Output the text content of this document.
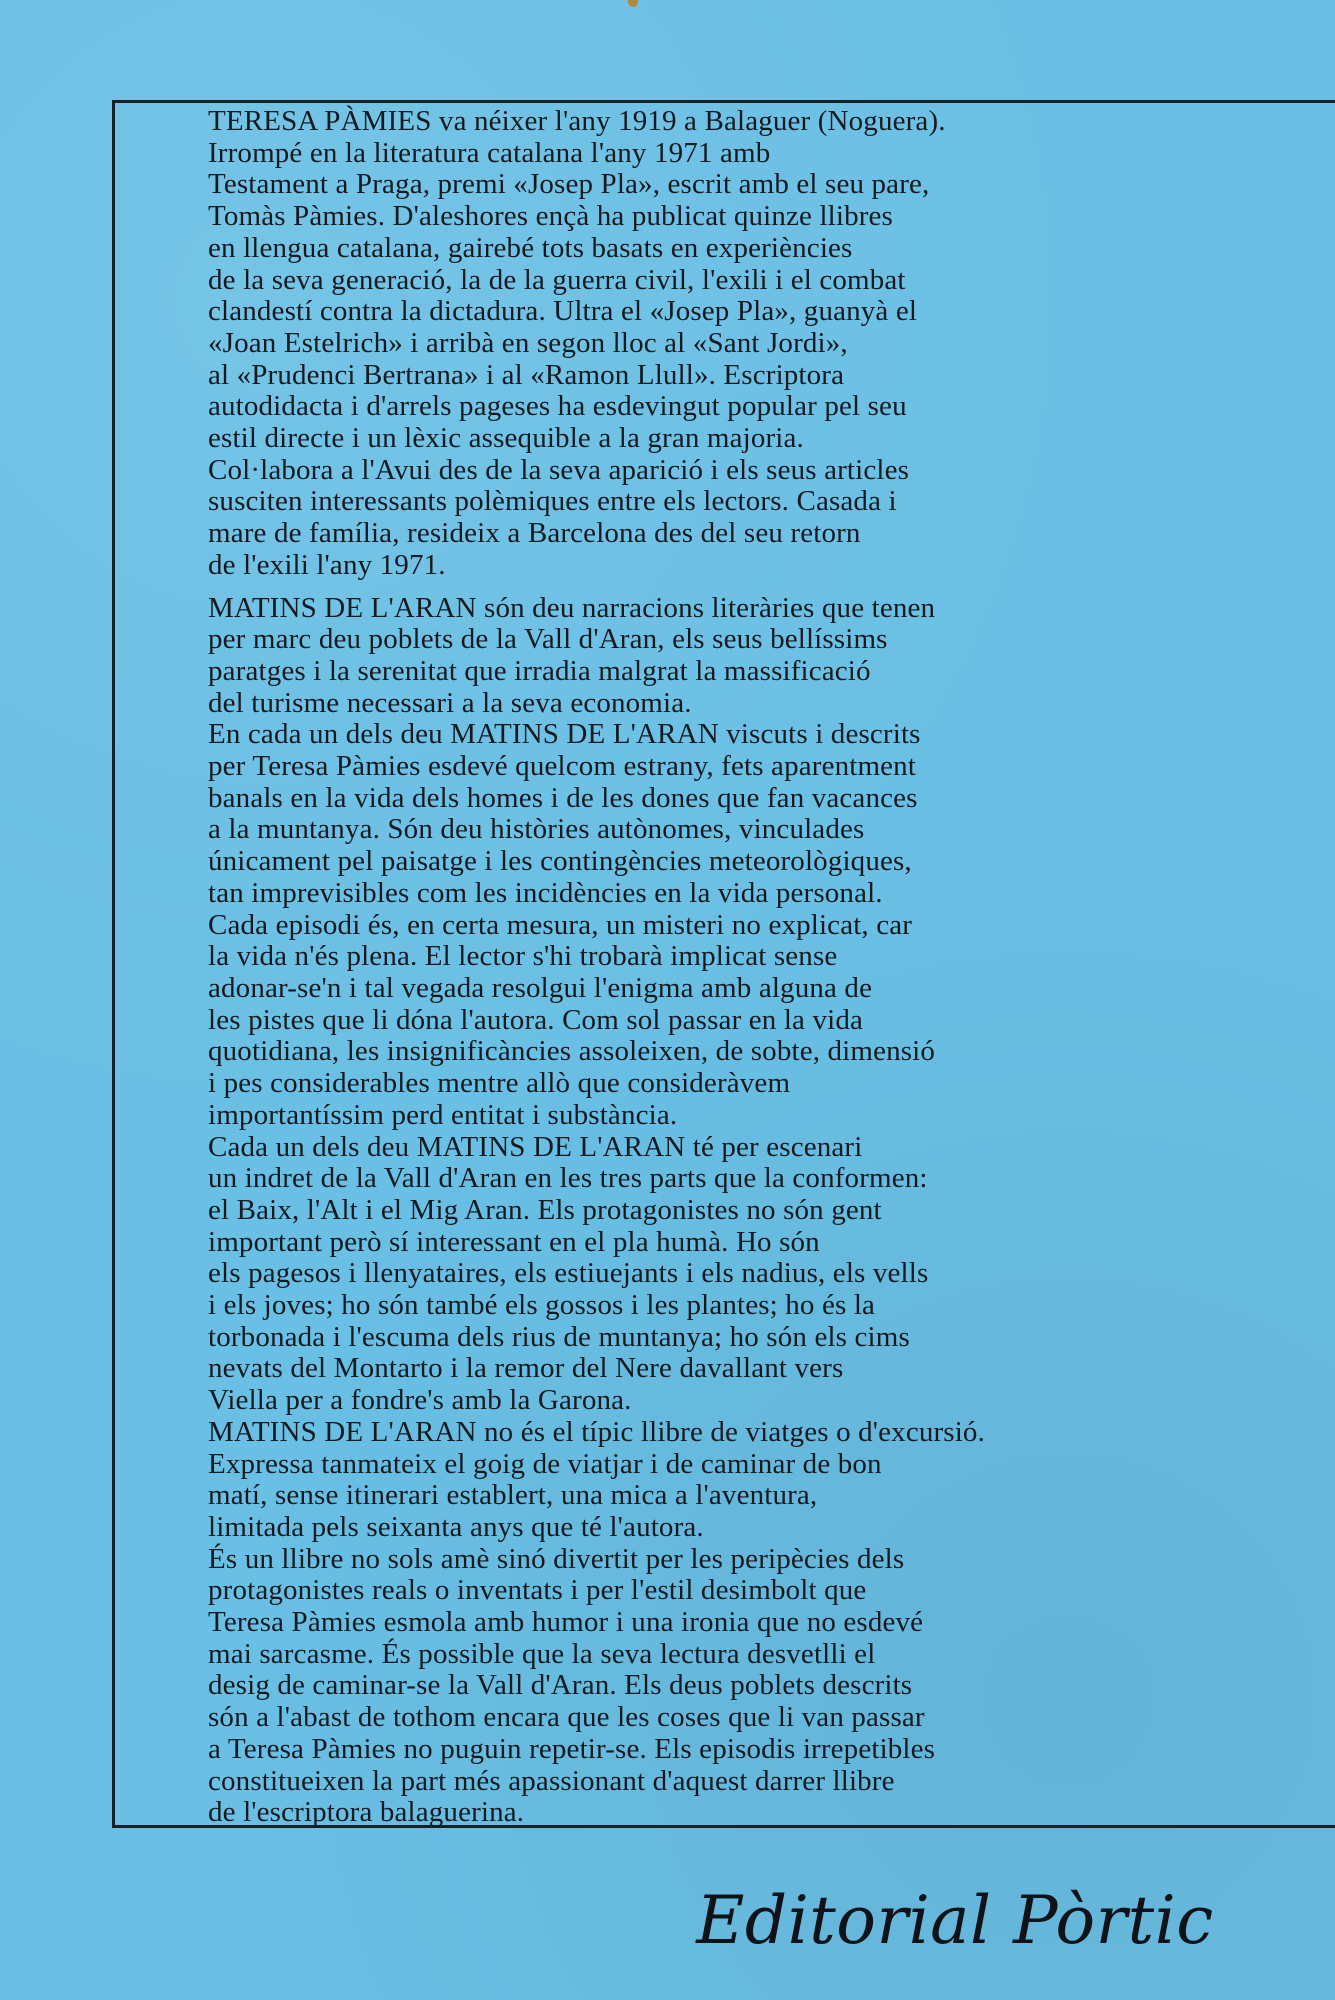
TERESA PÀMIES va néixer l'any 1919 a Balaguer (Noguera).
Irrompé en la literatura catalana l'any 1971 amb
Testament a Praga, premi «Josep Pla», escrit amb el seu pare,
Tomàs Pàmies. D'aleshores ençà ha publicat quinze llibres
en llengua catalana, gairebé tots basats en experiències
de la seva generació, la de la guerra civil, l'exili i el combat
clandestí contra la dictadura. Ultra el «Josep Pla», guanyà el
«Joan Estelrich» i arribà en segon lloc al «Sant Jordi»,
al «Prudenci Bertrana» i al «Ramon Llull». Escriptora
autodidacta i d'arrels pageses ha esdevingut popular pel seu
estil directe i un lèxic assequible a la gran majoria.
Col·labora a l'Avui des de la seva aparició i els seus articles
susciten interessants polèmiques entre els lectors. Casada i
mare de família, resideix a Barcelona des del seu retorn
de l'exili l'any 1971.
MATINS DE L'ARAN són deu narracions literàries que tenen
per marc deu poblets de la Vall d'Aran, els seus bellíssims
paratges i la serenitat que irradia malgrat la massificació
del turisme necessari a la seva economia.
En cada un dels deu MATINS DE L'ARAN viscuts i descrits
per Teresa Pàmies esdevé quelcom estrany, fets aparentment
banals en la vida dels homes i de les dones que fan vacances
a la muntanya. Són deu històries autònomes, vinculades
únicament pel paisatge i les contingències meteorològiques,
tan imprevisibles com les incidències en la vida personal.
Cada episodi és, en certa mesura, un misteri no explicat, car
la vida n'és plena. El lector s'hi trobarà implicat sense
adonar-se'n i tal vegada resolgui l'enigma amb alguna de
les pistes que li dóna l'autora. Com sol passar en la vida
quotidiana, les insignificàncies assoleixen, de sobte, dimensió
i pes considerables mentre allò que consideràvem
importantíssim perd entitat i substància.
Cada un dels deu MATINS DE L'ARAN té per escenari
un indret de la Vall d'Aran en les tres parts que la conformen:
el Baix, l'Alt i el Mig Aran. Els protagonistes no són gent
important però sí interessant en el pla humà. Ho són
els pagesos i llenyataires, els estiuejants i els nadius, els vells
i els joves; ho són també els gossos i les plantes; ho és la
torbonada i l'escuma dels rius de muntanya; ho són els cims
nevats del Montarto i la remor del Nere davallant vers
Viella per a fondre's amb la Garona.
MATINS DE L'ARAN no és el típic llibre de viatges o d'excursió.
Expressa tanmateix el goig de viatjar i de caminar de bon
matí, sense itinerari establert, una mica a l'aventura,
limitada pels seixanta anys que té l'autora.
És un llibre no sols amè sinó divertit per les peripècies dels
protagonistes reals o inventats i per l'estil desimbolt que
Teresa Pàmies esmola amb humor i una ironia que no esdevé
mai sarcasme. És possible que la seva lectura desvetlli el
desig de caminar-se la Vall d'Aran. Els deus poblets descrits
són a l'abast de tothom encara que les coses que li van passar
a Teresa Pàmies no puguin repetir-se. Els episodis irrepetibles
constitueixen la part més apassionant d'aquest darrer llibre
de l'escriptora balaguerina.
Editorial Pòrtic
